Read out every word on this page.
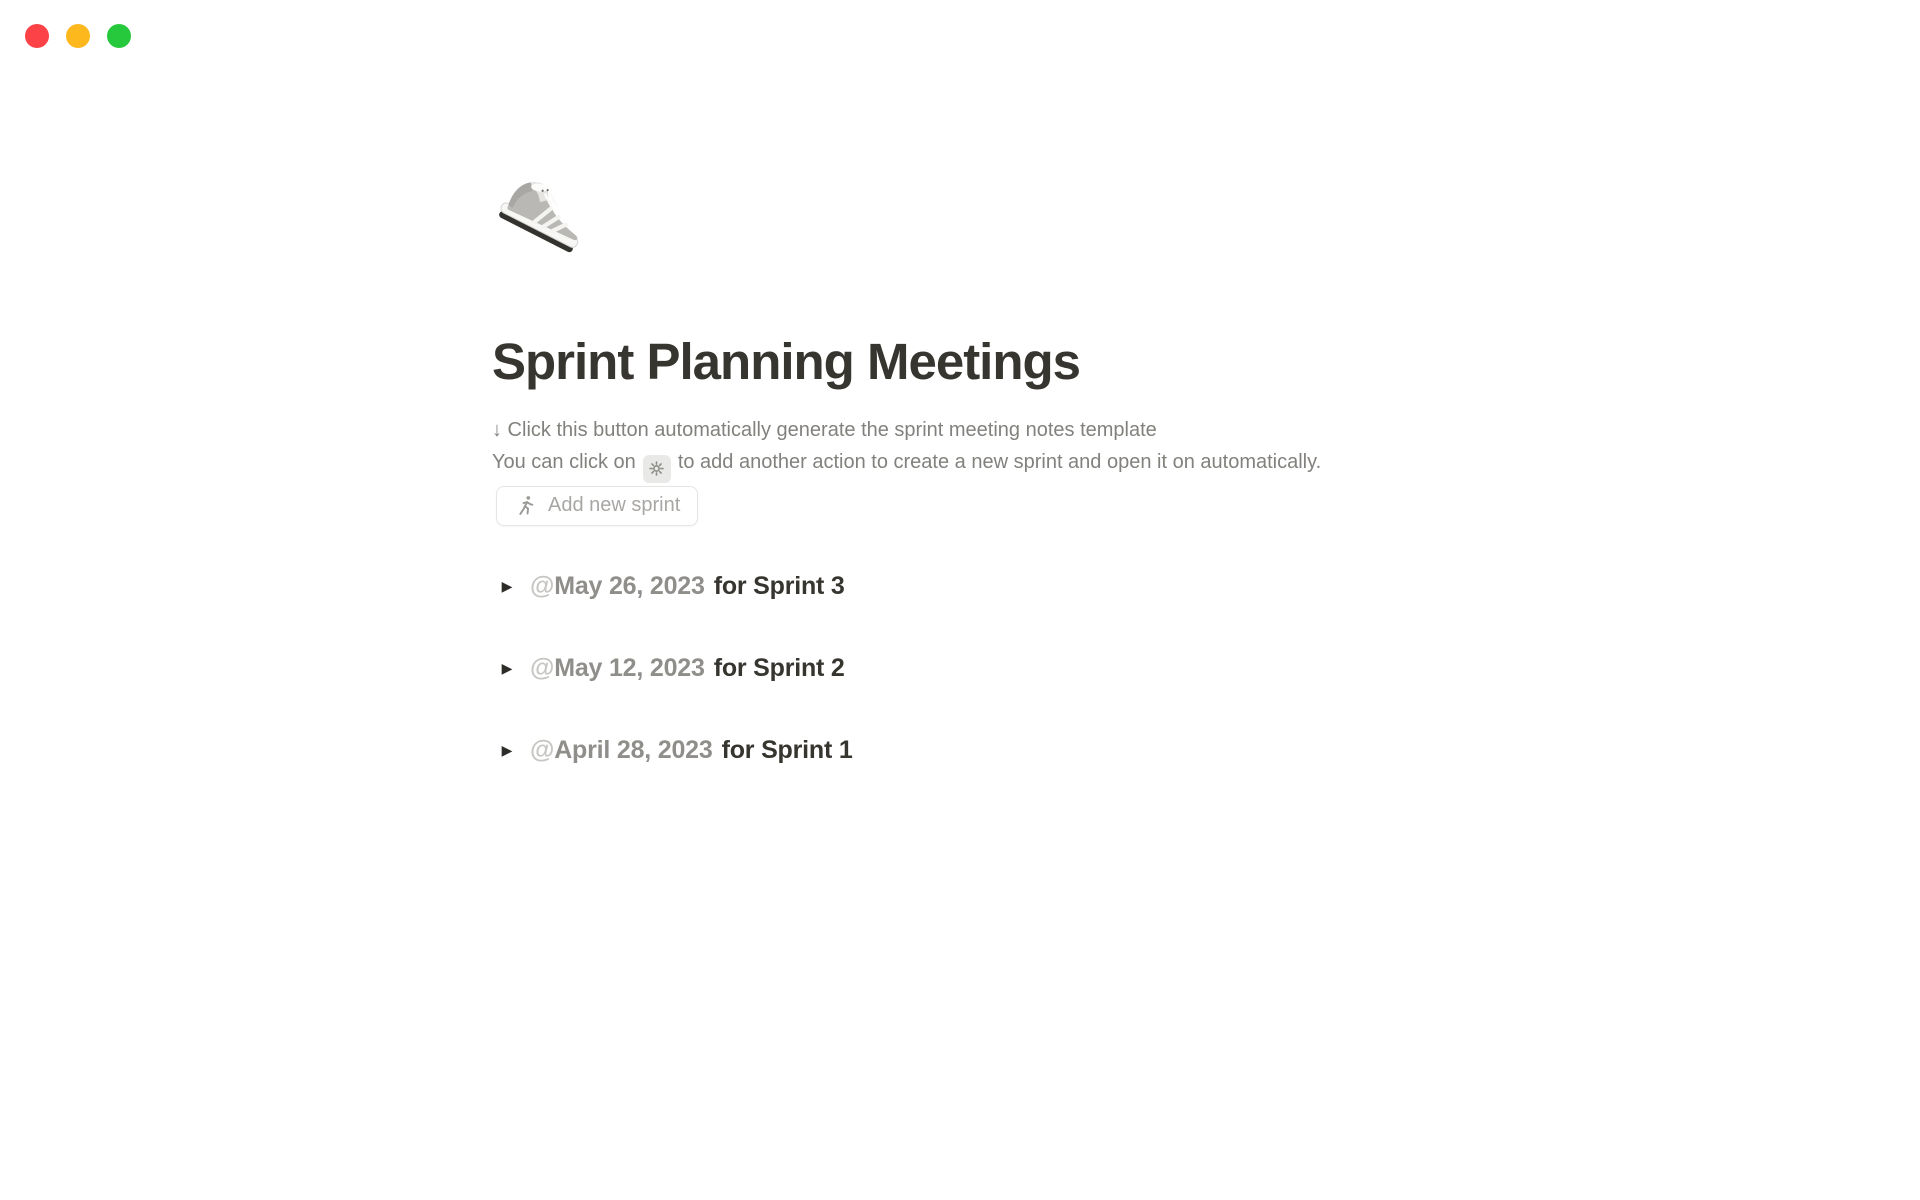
Sprint Planning Meetings

↓ Click this button automatically generate the sprint meeting notes template

You can click on to add another action to create a new sprint and open it on automatically.

Add new sprint
▶ @May 26, 2023 for Sprint 3
▶ @May 12, 2023 for Sprint 2
▶ @April 28, 2023 for Sprint 1
